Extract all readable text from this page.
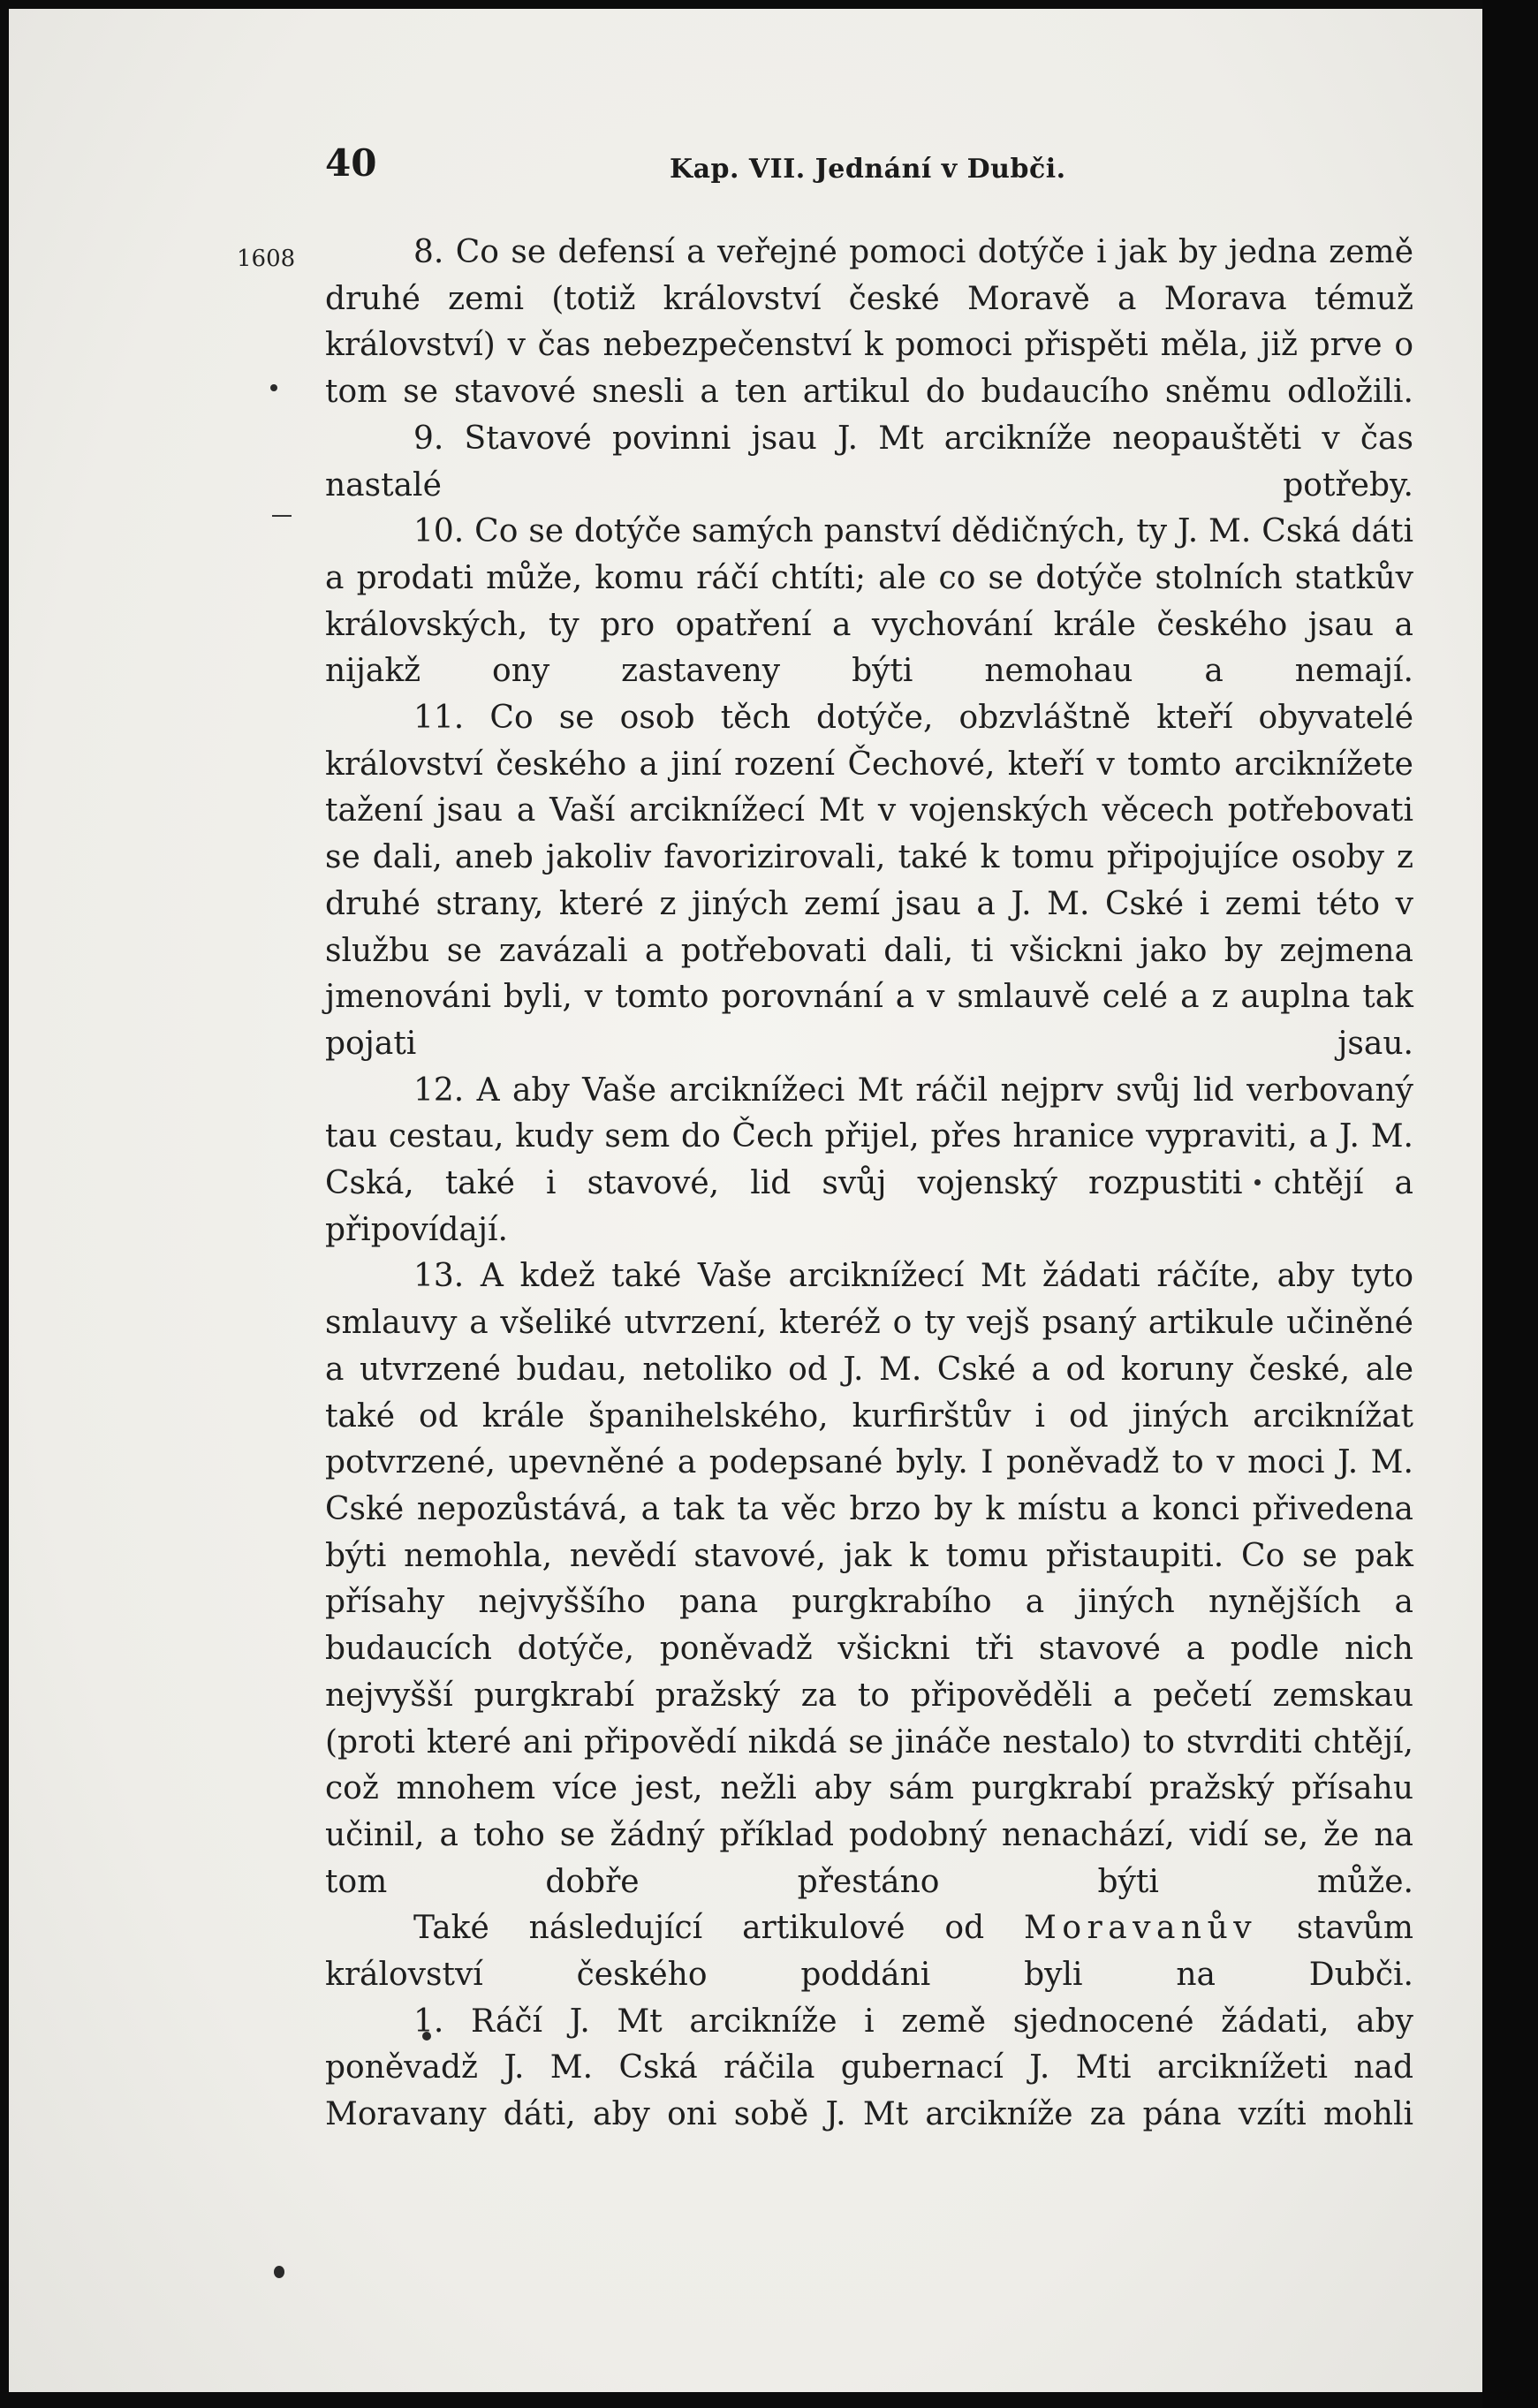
40	Kap. VII. Jednání v Dubči.
1608	8. Co se defensí a veřejné pomoci dotýče i jak by jedna země druhé zemi (totiž království české Moravě a Morava témuž království) v čas nebezpečenství k pomoci přispěti měla, již prve o tom se stavové snesli a ten artikul do budaucího sněmu odložili.

9. Stavové povinni jsau J. Mt arcikníže neopauštěti v čas nastalé potřeby.

10. Co se dotýče samých panství dědičných, ty J. M. Cská dáti a prodati může, komu ráčí chtíti; ale co se dotýče stolních statkův královských, ty pro opatření a vychování krále českého jsau a nijakž ony zastaveny býti nemohau a nemají.

11. Co se osob těch dotýče, obzvláštně kteří obyvatelé království českého a jiní rození Čechové, kteří v tomto arciknížete tažení jsau a Vaší arciknížecí Mt v vojenských věcech potřebovati se dali, aneb jakoliv favorizirovali, také k tomu připojujíce osoby z druhé strany, které z jiných zemí jsau a J. M. Cské i zemi této v službu se zavázali a potřebovati dali, ti všickni jako by zejmena jmenováni byli, v tomto porovnání a v smlauvě celé a z auplna tak pojati jsau.

12. A aby Vaše arciknížeci Mt ráčil nejprv svůj lid verbovaný tau cestau, kudy sem do Čech přijel, přes hranice vypraviti, a J. M. Cská, také i stavové, lid svůj vojenský rozpustiti chtějí a připovídají.

13. A kdež také Vaše arciknížecí Mt žádati ráčíte, aby tyto smlauvy a všeliké utvrzení, kteréž o ty vejš psaný artikule učiněné a utvrzené budau, netoliko od J. M. Cské a od koruny české, ale také od krále španihelského, kurfirštův i od jiných arciknížat potvrzené, upevněné a podepsané byly. I poněvadž to v moci J. M. Cské nepozůstává, a tak ta věc brzo by k místu a konci přivedena býti nemohla, nevědí stavové, jak k tomu přistaupiti. Co se pak přísahy nejvyššího pana purgkrabího a jiných nynějších a budaucích dotýče, poněvadž všickni tři stavové a podle nich nejvyšší purgkrabí pražský za to připověděli a pečetí zemskau (proti které ani připovědí nikdá se jináče nestalo) to stvrditi chtějí, což mnohem více jest, nežli aby sám purgkrabí pražský přísahu učinil, a toho se žádný příklad podobný nenachází, vidí se, že na tom dobře přestáno býti může.

Také následující artikulové od Moravanův stavům království českého poddáni byli na Dubči.

1. Ráčí J. Mt arcikníže i země sjednocené žádati, aby poněvadž J. M. Cská ráčila gubernací J. Mti arciknížeti nad Moravany dáti, aby oni sobě J. Mt arcikníže za pána vzíti mohli
